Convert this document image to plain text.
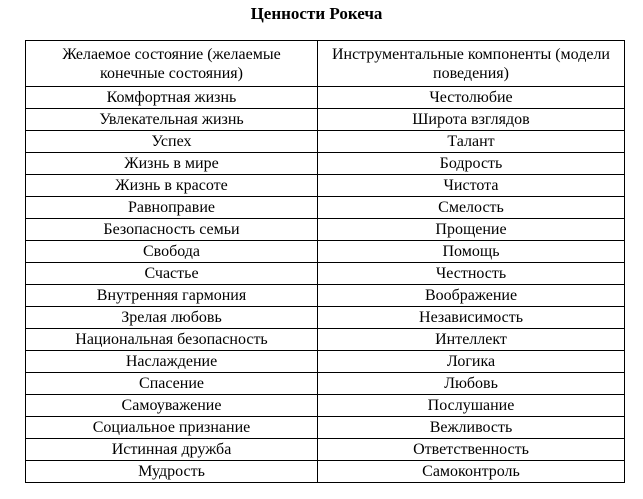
Ценности Рокеча
Желаемое состояние (желаемые конечные состояния)	Инструментальные компоненты (модели поведения)
Комфортная жизнь	Честолюбие
Увлекательная жизнь	Широта взглядов
Успех	Талант
Жизнь в мире	Бодрость
Жизнь в красоте	Чистота
Равноправие	Смелость
Безопасность семьи	Прощение
Свобода	Помощь
Счастье	Честность
Внутренняя гармония	Воображение
Зрелая любовь	Независимость
Национальная безопасность	Интеллект
Наслаждение	Логика
Спасение	Любовь
Самоуважение	Послушание
Социальное признание	Вежливость
Истинная дружба	Ответственность
Мудрость	Самоконтроль
